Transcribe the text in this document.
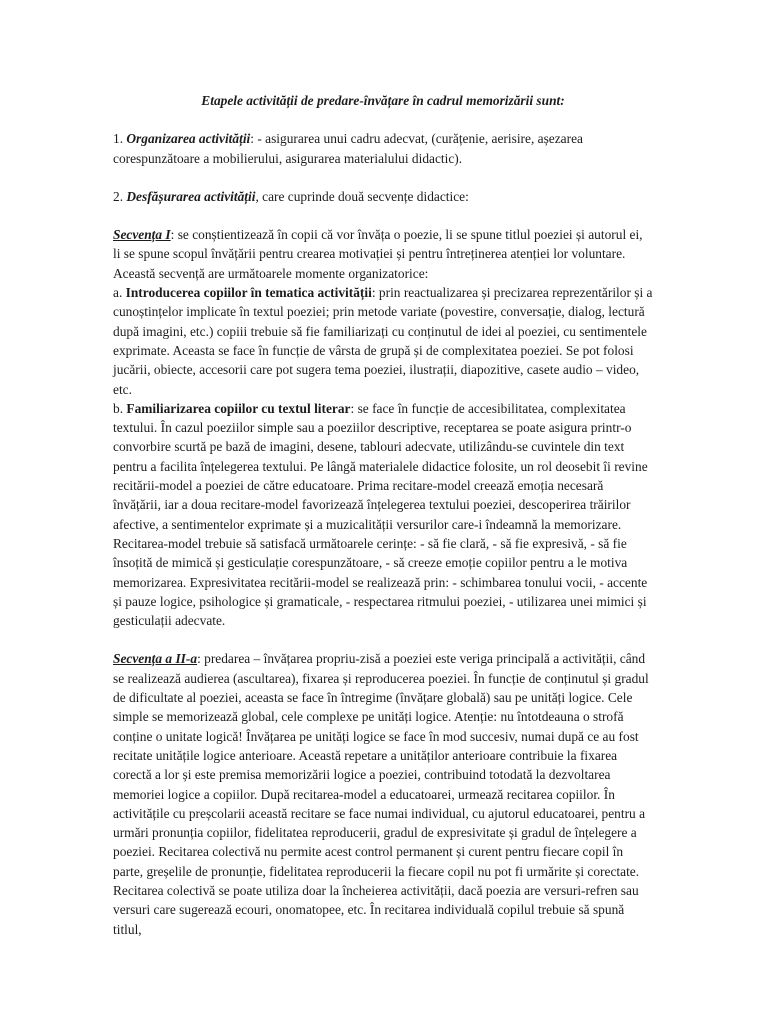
Etapele activității de predare-învățare în cadrul memorizării sunt:

1. Organizarea activității: - asigurarea unui cadru adecvat, (curățenie, aerisire, așezarea corespunzătoare a mobilierului, asigurarea materialului didactic).

2. Desfășurarea activității, care cuprinde două secvențe didactice:

Secvența I: se conștientizează în copii că vor învăța o poezie, li se spune titlul poeziei și autorul ei, li se spune scopul învățării pentru crearea motivației și pentru întreținerea atenției lor voluntare. Această secvență are următoarele momente organizatorice:
a. Introducerea copiilor în tematica activității: prin reactualizarea și precizarea reprezentărilor și a cunoștințelor implicate în textul poeziei; prin metode variate (povestire, conversație, dialog, lectură după imagini, etc.) copiii trebuie să fie familiarizați cu conținutul de idei al poeziei, cu sentimentele exprimate. Aceasta se face în funcție de vârsta de grupă și de complexitatea poeziei. Se pot folosi jucării, obiecte, accesorii care pot sugera tema poeziei, ilustrații, diapozitive, casete audio – video, etc.
b. Familiarizarea copiilor cu textul literar: se face în funcție de accesibilitatea, complexitatea textului. În cazul poeziilor simple sau a poeziilor descriptive, receptarea se poate asigura printr-o convorbire scurtă pe bază de imagini, desene, tablouri adecvate, utilizându-se cuvintele din text pentru a facilita înțelegerea textului. Pe lângă materialele didactice folosite, un rol deosebit îi revine recitării-model a poeziei de către educatoare. Prima recitare-model creează emoția necesară învățării, iar a doua recitare-model favorizează înțelegerea textului poeziei, descoperirea trăirilor afective, a sentimentelor exprimate și a muzicalității versurilor care-i îndeamnă la memorizare. Recitarea-model trebuie să satisfacă următoarele cerințe: - să fie clară, - să fie expresivă, - să fie însoțită de mimică și gesticulație corespunzătoare, - să creeze emoție copiilor pentru a le motiva memorizarea. Expresivitatea recitării-model se realizează prin: - schimbarea tonului vocii, - accente și pauze logice, psihologice și gramaticale, - respectarea ritmului poeziei, - utilizarea unei mimici și gesticulații adecvate.

Secvența a II-a: predarea – învățarea propriu-zisă a poeziei este veriga principală a activității, când se realizează audierea (ascultarea), fixarea și reproducerea poeziei. În funcție de conținutul și gradul de dificultate al poeziei, aceasta se face în întregime (învățare globală) sau pe unități logice. Cele simple se memorizează global, cele complexe pe unități logice. Atenție: nu întotdeauna o strofă conține o unitate logică! Învățarea pe unități logice se face în mod succesiv, numai după ce au fost recitate unitățile logice anterioare. Această repetare a unităților anterioare contribuie la fixarea corectă a lor și este premisa memorizării logice a poeziei, contribuind totodată la dezvoltarea memoriei logice a copiilor. După recitarea-model a educatoarei, urmează recitarea copiilor. În activitățile cu preșcolarii această recitare se face numai individual, cu ajutorul educatoarei, pentru a urmări pronunția copiilor, fidelitatea reproducerii, gradul de expresivitate și gradul de înțelegere a poeziei. Recitarea colectivă nu permite acest control permanent și curent pentru fiecare copil în parte, greșelile de pronunție, fidelitatea reproducerii la fiecare copil nu pot fi urmărite și corectate. Recitarea colectivă se poate utiliza doar la încheierea activității, dacă poezia are versuri-refren sau versuri care sugerează ecouri, onomatopee, etc. În recitarea individuală copilul trebuie să spună titlul,
